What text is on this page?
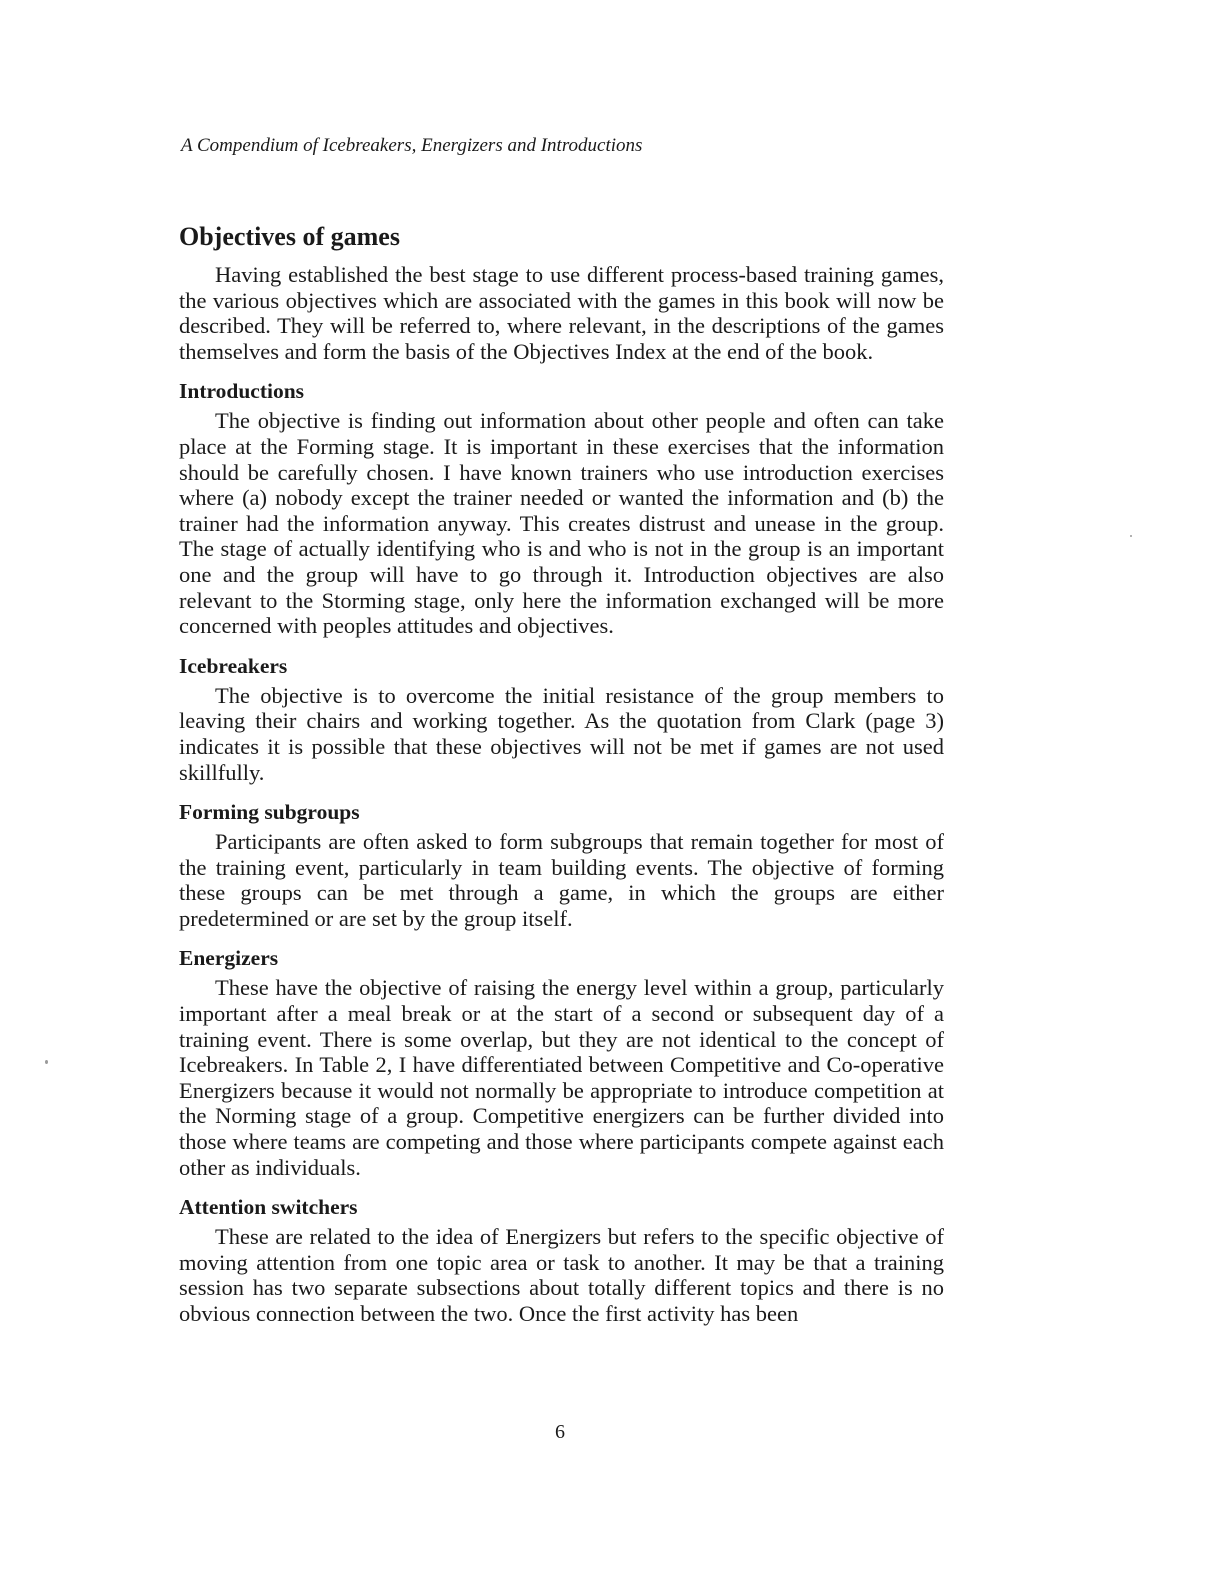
A Compendium of Icebreakers, Energizers and Introductions
Objectives of games

Having established the best stage to use different process-based training games, the various objectives which are associated with the games in this book will now be described. They will be referred to, where relevant, in the descriptions of the games themselves and form the basis of the Objectives Index at the end of the book.

Introductions

The objective is finding out information about other people and often can take place at the Forming stage. It is important in these exercises that the information should be carefully chosen. I have known trainers who use introduction exercises where (a) nobody except the trainer needed or wanted the information and (b) the trainer had the information anyway. This creates distrust and unease in the group. The stage of actually identifying who is and who is not in the group is an important one and the group will have to go through it. Introduction objectives are also relevant to the Storming stage, only here the information exchanged will be more concerned with peoples attitudes and objectives.

Icebreakers

The objective is to overcome the initial resistance of the group members to leaving their chairs and working together. As the quotation from Clark (page 3) indicates it is possible that these objectives will not be met if games are not used skillfully.

Forming subgroups

Participants are often asked to form subgroups that remain together for most of the training event, particularly in team building events. The objective of forming these groups can be met through a game, in which the groups are either predetermined or are set by the group itself.

Energizers

These have the objective of raising the energy level within a group, particularly important after a meal break or at the start of a second or subsequent day of a training event. There is some overlap, but they are not identical to the concept of Icebreakers. In Table 2, I have differentiated between Competitive and Co-operative Energizers because it would not normally be appropriate to introduce competition at the Norming stage of a group. Competitive energizers can be further divided into those where teams are competing and those where participants compete against each other as individuals.

Attention switchers

These are related to the idea of Energizers but refers to the specific objective of moving attention from one topic area or task to another. It may be that a training session has two separate subsections about totally different topics and there is no obvious connection between the two. Once the first activity has been

6
